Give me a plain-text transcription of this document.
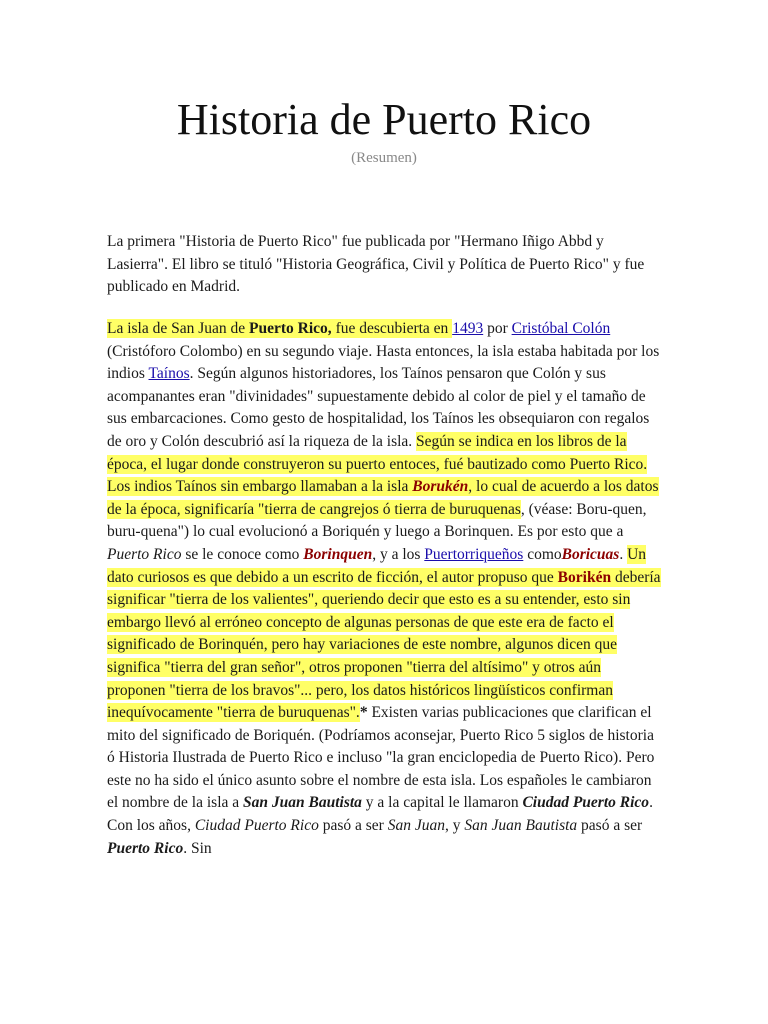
Historia de Puerto Rico
(Resumen)

La primera "Historia de Puerto Rico" fue publicada por "Hermano Iñigo Abbd y Lasierra". El libro se tituló "Historia Geográfica, Civil y Política de Puerto Rico" y fue publicado en Madrid.

La isla de San Juan de Puerto Rico, fue descubierta en 1493 por Cristóbal Colón (Cristóforo Colombo) en su segundo viaje. Hasta entonces, la isla estaba habitada por los indios Taínos. Según algunos historiadores, los Taínos pensaron que Colón y sus acompanantes eran "divinidades" supuestamente debido al color de piel y el tamaño de sus embarcaciones. Como gesto de hospitalidad, los Taínos les obsequiaron con regalos de oro y Colón descubrió así la riqueza de la isla. Según se indica en los libros de la época, el lugar donde construyeron su puerto entoces, fué bautizado como Puerto Rico. Los indios Taínos sin embargo llamaban a la isla Borukén, lo cual de acuerdo a los datos de la época, significaría "tierra de cangrejos ó tierra de buruquenas, (véase: Boru-quen, buru-quena") lo cual evolucionó a Boriquén y luego a Borinquen. Es por esto que a Puerto Rico se le conoce como Borinquen, y a los Puertorriqueños comoBoricuas. Un dato curiosos es que debido a un escrito de ficción, el autor propuso que Borikén debería significar "tierra de los valientes", queriendo decir que esto es a su entender, esto sin embargo llevó al erróneo concepto de algunas personas de que este era de facto el significado de Borinquén, pero hay variaciones de este nombre, algunos dicen que significa "tierra del gran señor", otros proponen "tierra del altísimo" y otros aún proponen "tierra de los bravos"... pero, los datos históricos lingüísticos confirman inequívocamente "tierra de buruquenas".* Existen varias publicaciones que clarifican el mito del significado de Boriquén. (Podríamos aconsejar, Puerto Rico 5 siglos de historia ó Historia Ilustrada de Puerto Rico e incluso "la gran enciclopedia de Puerto Rico). Pero este no ha sido el único asunto sobre el nombre de esta isla. Los españoles le cambiaron el nombre de la isla a San Juan Bautista y a la capital le llamaron Ciudad Puerto Rico. Con los años, Ciudad Puerto Rico pasó a ser San Juan, y San Juan Bautista pasó a ser Puerto Rico. Sin
